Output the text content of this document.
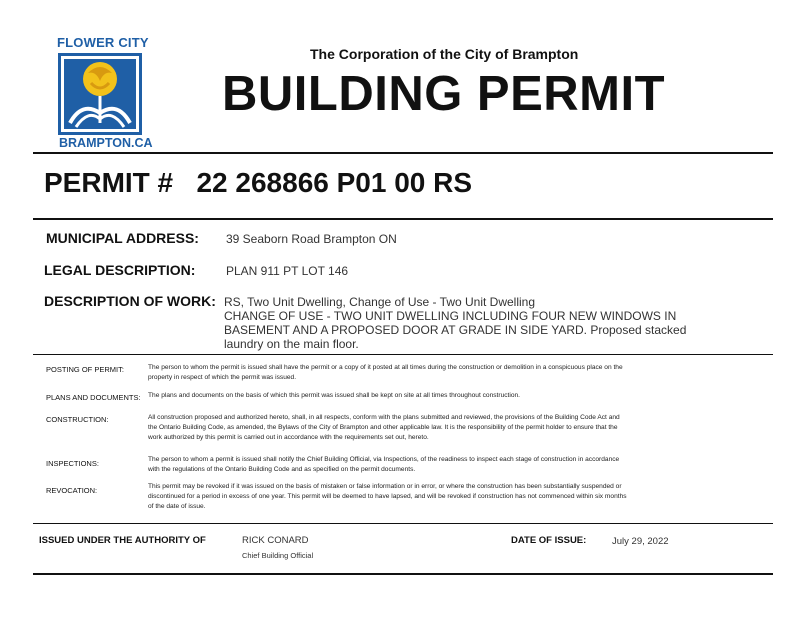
FLOWER CITY
BRAMPTON.CA
The Corporation of the City of Brampton
BUILDING PERMIT
PERMIT # 22 268866 P01 00 RS
MUNICIPAL ADDRESS: 39 Seaborn Road Brampton ON
LEGAL DESCRIPTION:	PLAN 911 PT LOT 146
DESCRIPTION OF WORK: RS, Two Unit Dwelling, Change of Use - Two Unit Dwelling
CHANGE OF USE - TWO UNIT DWELLING INCLUDING FOUR NEW WINDOWS IN
BASEMENT AND A PROPOSED DOOR AT GRADE IN SIDE YARD. Proposed stacked
laundry on the main floor.
POSTING OF PERMIT:	The person to whom the permit is issued shall have the permit or a copy of it posted at all times during the construction or demolition in a conspicuous place on the
property in respect of which the permit was issued.
PLANS AND DOCUMENTS: The plans and documents on the basis of which this permit was issued shall be kept on site at all times throughout construction.
CONSTRUCTION:	All construction proposed and authorized hereto, shall, in all respects, conform with the plans submitted and reviewed, the provisions of the Building Code Act and
the Ontario Building Code, as amended, the Bylaws of the City of Brampton and other applicable law. It is the responsibility of the permit holder to ensure that the
work authorized by this permit is carried out in accordance with the requirements set out, hereto.
INSPECTIONS:	The person to whom a permit is issued shall notify the Chief Building Official, via Inspections, of the readiness to inspect each stage of construction in accordance
with the regulations of the Ontario Building Code and as specified on the permit documents.
REVOCATION:	This permit may be revoked if it was issued on the basis of mistaken or false information or in error, or where the construction has been substantially suspended or
discontinued for a period in excess of one year. This permit will be deemed to have lapsed, and will be revoked if construction has not commenced within six months
of the date of issue.
ISSUED UNDER THE AUTHORITY OF	RICK CONARD
Chief Building Official
DATE OF ISSUE:	July 29, 2022
